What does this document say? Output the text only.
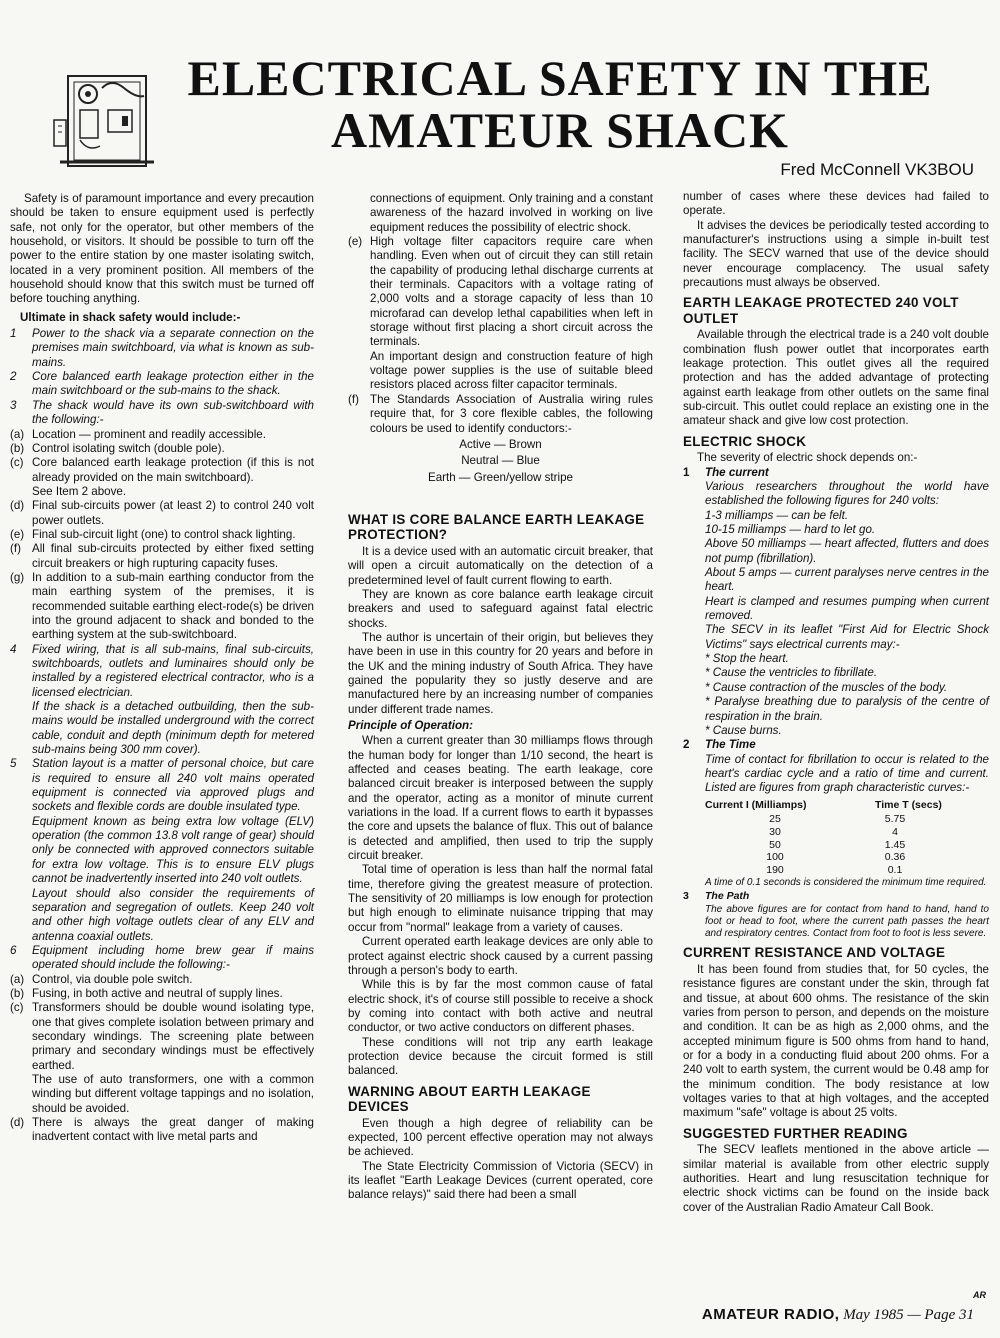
ELECTRICAL SAFETY IN THE
AMATEUR SHACK
Fred McConnell VK3BOU

Safety is of paramount importance and every precaution should be taken to ensure equipment used is perfectly safe, not only for the operator, but other members of the household, or visitors. It should be possible to turn off the power to the entire station by one master isolating switch, located in a very prominent position. All members of the household should know that this switch must be turned off before touching anything.

Ultimate in shack safety would include:-

1	Power to the shack via a separate connection on the premises main switchboard, via what is known as sub-mains.
2	Core balanced earth leakage protection either in the main switchboard or the sub-mains to the shack.
3	The shack would have its own sub-switchboard with the following:-
(a) Location — prominent and readily accessible.
(b) Control isolating switch (double pole).
(c) Core balanced earth leakage protection (if this is not already provided on the main switchboard).

See Item 2 above.

(d) Final sub-circuits power (at least 2) to control 240 volt power outlets.
(e) Final sub-circuit light (one) to control shack lighting.
(f) All final sub-circuits protected by either fixed setting circuit breakers or high rupturing capacity fuses.
(g) In addition to a sub-main earthing conductor from the main earthing system of the premises, it is recommended suitable earthing elect-rode(s) be driven into the ground adjacent to shack and bonded to the earthing system at the sub-switchboard.
4	Fixed wiring, that is all sub-mains, final sub-circuits, switchboards, outlets and luminaires should only be installed by a registered electrical contractor, who is a licensed electrician.

If the shack is a detached outbuilding, then the sub-mains would be installed underground with the correct cable, conduit and depth (minimum depth for metered sub-mains being 300 mm cover).

5	Station layout is a matter of personal choice, but care is required to ensure all 240 volt mains operated equipment is connected via approved plugs and sockets and flexible cords are double insulated type.

Equipment known as being extra low voltage (ELV) operation (the common 13.8 volt range of gear) should only be connected with approved connectors suitable for extra low voltage. This is to ensure ELV plugs cannot be inadvertently inserted into 240 volt outlets.

Layout should also consider the requirements of separation and segregation of outlets. Keep 240 volt and other high voltage outlets clear of any ELV and antenna coaxial outlets.

6	Equipment including home brew gear if mains operated should include the following:-
(a) Control, via double pole switch.
(b) Fusing, in both active and neutral of supply lines.
(c) Transformers should be double wound isolating type, one that gives complete isolation between primary and secondary windings. The screening plate between primary and secondary windings must be effectively earthed.

The use of auto transformers, one with a common winding but different voltage tappings and no isolation, should be avoided.

(d) There is always the great danger of making inadvertent contact with live metal parts and

connections of equipment. Only training and a constant awareness of the hazard involved in working on live equipment reduces the possibility of electric shock.

(e) High voltage filter capacitors require care when handling. Even when out of circuit they can still retain the capability of producing lethal discharge currents at their terminals. Capacitors with a voltage rating of 2,000 volts and a storage capacity of less than 10 microfarad can develop lethal capabilities when left in storage without first placing a short circuit across the terminals.

An important design and construction feature of high voltage power supplies is the use of suitable bleed resistors placed across filter capacitor terminals.

(f) The Standards Association of Australia wiring rules require that, for 3 core flexible cables, the following colours be used to identify conductors:-

Active — Brown

Neutral — Blue

Earth — Green/yellow stripe

WHAT IS CORE BALANCE EARTH LEAKAGE PROTECTION?

It is a device used with an automatic circuit breaker, that will open a circuit automatically on the detection of a predetermined level of fault current flowing to earth.

They are known as core balance earth leakage circuit breakers and used to safeguard against fatal electric shocks.

The author is uncertain of their origin, but believes they have been in use in this country for 20 years and before in the UK and the mining industry of South Africa. They have gained the popularity they so justly deserve and are manufactured here by an increasing number of companies under different trade names.

Principle of Operation:

When a current greater than 30 milliamps flows through the human body for longer than 1/10 second, the heart is affected and ceases beating. The earth leakage, core balanced circuit breaker is interposed between the supply and the operator, acting as a monitor of minute current variations in the load. If a current flows to earth it bypasses the core and upsets the balance of flux. This out of balance is detected and amplified, then used to trip the supply circuit breaker.

Total time of operation is less than half the normal fatal time, therefore giving the greatest measure of protection. The sensitivity of 20 milliamps is low enough for protection but high enough to eliminate nuisance tripping that may occur from "normal" leakage from a variety of causes.

Current operated earth leakage devices are only able to protect against electric shock caused by a current passing through a person's body to earth.

While this is by far the most common cause of fatal electric shock, it's of course still possible to receive a shock by coming into contact with both active and neutral conductor, or two active conductors on different phases.

These conditions will not trip any earth leakage protection device because the circuit formed is still balanced.

WARNING ABOUT EARTH LEAKAGE DEVICES

Even though a high degree of reliability can be expected, 100 percent effective operation may not always be achieved.

The State Electricity Commission of Victoria (SECV) in its leaflet "Earth Leakage Devices (current operated, core balance relays)" said there had been a small

number of cases where these devices had failed to operate.

It advises the devices be periodically tested according to manufacturer's instructions using a simple in-built test facility. The SECV warned that use of the device should never encourage complacency. The usual safety precautions must always be observed.

EARTH LEAKAGE PROTECTED 240 VOLT OUTLET

Available through the electrical trade is a 240 volt double combination flush power outlet that incorporates earth leakage protection. This outlet gives all the required protection and has the added advantage of protecting against earth leakage from other outlets on the same final sub-circuit. This outlet could replace an existing one in the amateur shack and give low cost protection.

ELECTRIC SHOCK

The severity of electric shock depends on:-

1	The current

Various researchers throughout the world have established the following figures for 240 volts:

1-3 milliamps — can be felt.

10-15 milliamps — hard to let go.

Above 50 milliamps — heart affected, flutters and does not pump (fibrillation).

About 5 amps — current paralyses nerve centres in the heart.

Heart is clamped and resumes pumping when current removed.

The SECV in its leaflet "First Aid for Electric Shock Victims" says electrical currents may:-

* Stop the heart.

* Cause the ventricles to fibrillate.

* Cause contraction of the muscles of the body.

* Paralyse breathing due to paralysis of the centre of respiration in the brain.

* Cause burns.

2	The Time

Time of contact for fibrillation to occur is related to the heart's cardiac cycle and a ratio of time and current. Listed are figures from graph characteristic curves:-

Current I (Milliamps)	Time T (secs)
25	5.75
30	4
50	1.45
100	0.36
190	0.1

A time of 0.1 seconds is considered the minimum time required.

3	The Path

The above figures are for contact from hand to hand, hand to foot or head to foot, where the current path passes the heart and respiratory centres. Contact from foot to foot is less severe.

CURRENT RESISTANCE AND VOLTAGE

It has been found from studies that, for 50 cycles, the resistance figures are constant under the skin, through fat and tissue, at about 600 ohms. The resistance of the skin varies from person to person, and depends on the moisture and condition. It can be as high as 2,000 ohms, and the accepted minimum figure is 500 ohms from hand to hand, or for a body in a conducting fluid about 200 ohms. For a 240 volt to earth system, the current would be 0.48 amp for the minimum condition. The body resistance at low voltages varies to that at high voltages, and the accepted maximum "safe" voltage is about 25 volts.

SUGGESTED FURTHER READING

The SECV leaflets mentioned in the above article — similar material is available from other electric supply authorities. Heart and lung resuscitation technique for electric shock victims can be found on the inside back cover of the Australian Radio Amateur Call Book.

AR
AMATEUR RADIO, May 1985 — Page 31
